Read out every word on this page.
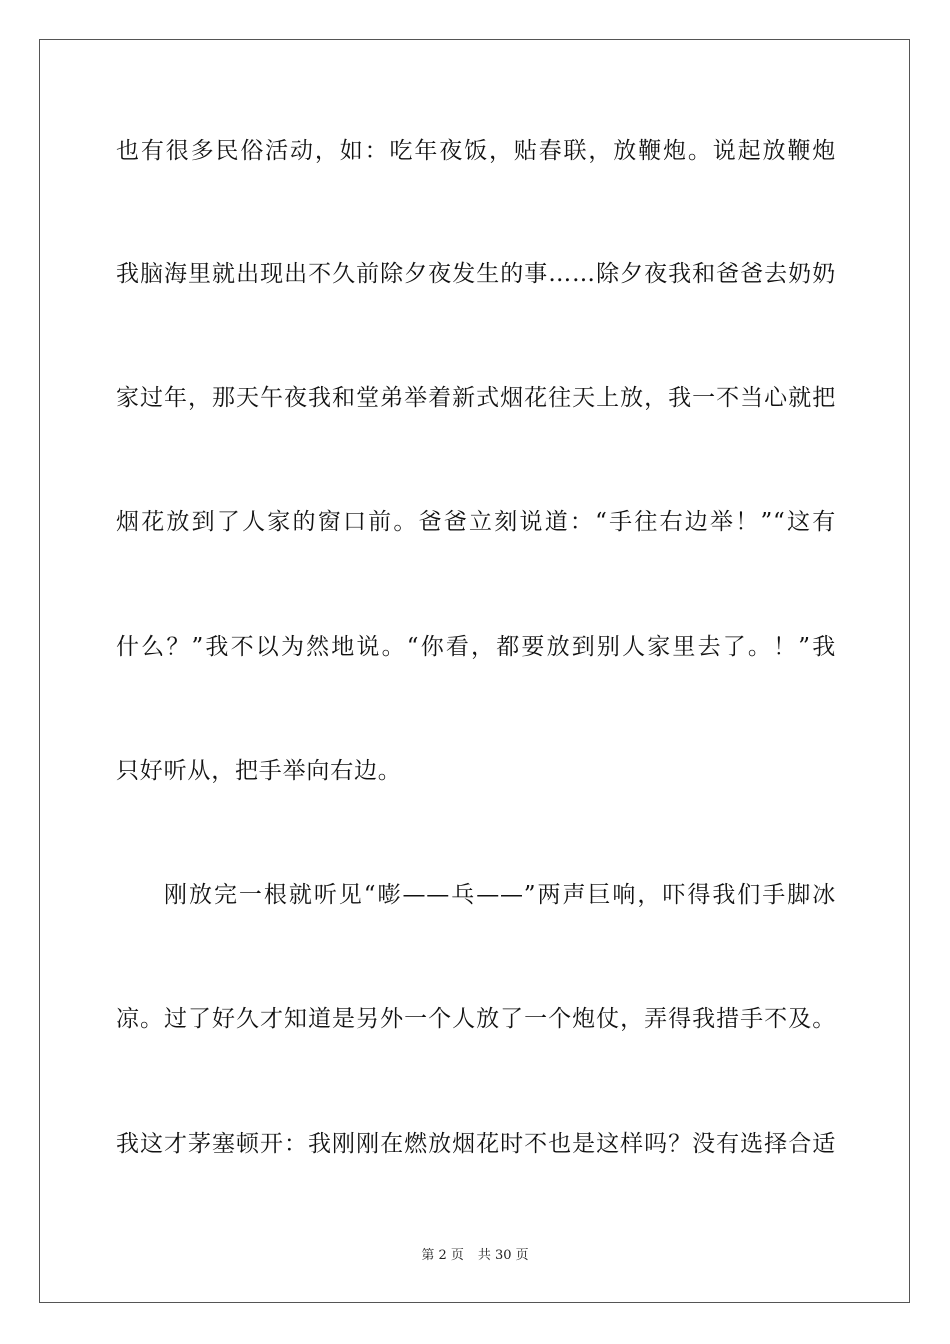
也有很多民俗活动，如：吃年夜饭，贴春联，放鞭炮。说起放鞭炮
我脑海里就出现出不久前除夕夜发生的事……除夕夜我和爸爸去奶奶
家过年，那天午夜我和堂弟举着新式烟花往天上放，我一不当心就把
烟花放到了人家的窗口前。爸爸立刻说道：“手往右边举！”“这有
什么？”我不以为然地说。“你看，都要放到别人家里去了。！”我
只好听从，把手举向右边。
刚放完一根就听见“嘭——乓——”两声巨响，吓得我们手脚冰
凉。过了好久才知道是另外一个人放了一个炮仗，弄得我措手不及。
我这才茅塞顿开：我刚刚在燃放烟花时不也是这样吗？没有选择合适
第 2 页 共 30 页
